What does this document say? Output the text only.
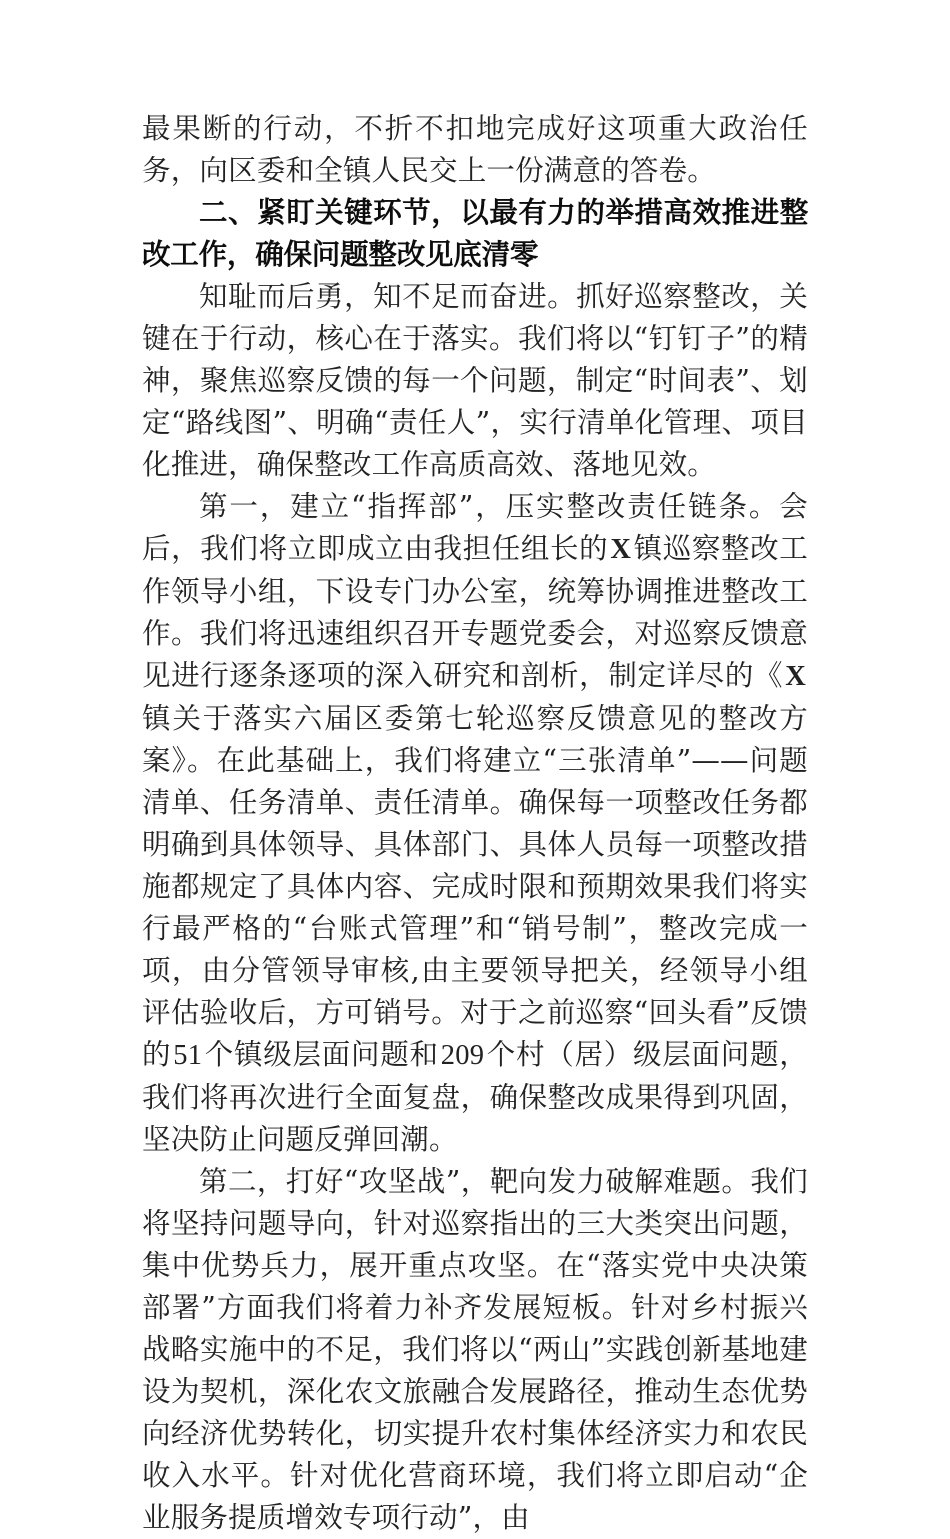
最果断的行动，不折不扣地完成好这项重大政治任务，向区委和全镇人民交上一份满意的答卷。

二、紧盯关键环节，以最有力的举措高效推进整改工作，确保问题整改见底清零

知耻而后勇，知不足而奋进。抓好巡察整改，关键在于行动，核心在于落实。我们将以“钉钉子”的精神，聚焦巡察反馈的每一个问题，制定“时间表”、划定“路线图”、明确“责任人”，实行清单化管理、项目化推进，确保整改工作高质高效、落地见效。

第一，建立“指挥部”，压实整改责任链条。会后，我们将立即成立由我担任组长的X镇巡察整改工作领导小组，下设专门办公室，统筹协调推进整改工作。我们将迅速组织召开专题党委会，对巡察反馈意见进行逐条逐项的深入研究和剖析，制定详尽的《X镇关于落实六届区委第七轮巡察反馈意见的整改方案》。在此基础上，我们将建立“三张清单”——问题清单、任务清单、责任清单。确保每一项整改任务都明确到具体领导、具体部门、具体人员每一项整改措施都规定了具体内容、完成时限和预期效果我们将实行最严格的“台账式管理”和“销号制”，整改完成一项，由分管领导审核,由主要领导把关，经领导小组评估验收后，方可销号。对于之前巡察“回头看”反馈的51个镇级层面问题和209个村（居）级层面问题，我们将再次进行全面复盘，确保整改成果得到巩固，坚决防止问题反弹回潮。

第二，打好“攻坚战”，靶向发力破解难题。我们将坚持问题导向，针对巡察指出的三大类突出问题，集中优势兵力，展开重点攻坚。在“落实党中央决策部署”方面我们将着力补齐发展短板。针对乡村振兴战略实施中的不足，我们将以“两山”实践创新基地建设为契机，深化农文旅融合发展路径，推动生态优势向经济优势转化，切实提升农村集体经济实力和农民收入水平。针对优化营商环境，我们将立即启动“企业服务提质增效专项行动”，由
